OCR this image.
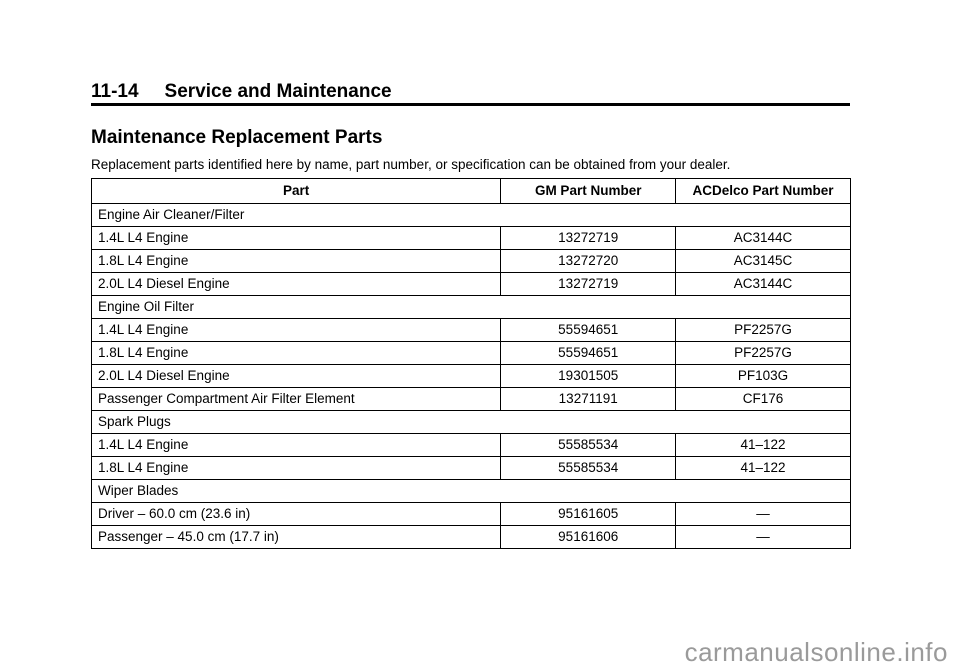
11-14 Service and Maintenance
Maintenance Replacement Parts
Replacement parts identified here by name, part number, or specification can be obtained from your dealer.
Part	GM Part Number	ACDelco Part Number
Engine Air Cleaner/Filter		
1.4L L4 Engine	13272719	AC3144C
1.8L L4 Engine	13272720	AC3145C
2.0L L4 Diesel Engine	13272719	AC3144C
Engine Oil Filter		
1.4L L4 Engine	55594651	PF2257G
1.8L L4 Engine	55594651	PF2257G
2.0L L4 Diesel Engine	19301505	PF103G
Passenger Compartment Air Filter Element	13271191	CF176
Spark Plugs		
1.4L L4 Engine	55585534	41–122
1.8L L4 Engine	55585534	41–122
Wiper Blades		
Driver – 60.0 cm (23.6 in)	95161605	—
Passenger – 45.0 cm (17.7 in)	95161606	—
carmanualsonline.info
